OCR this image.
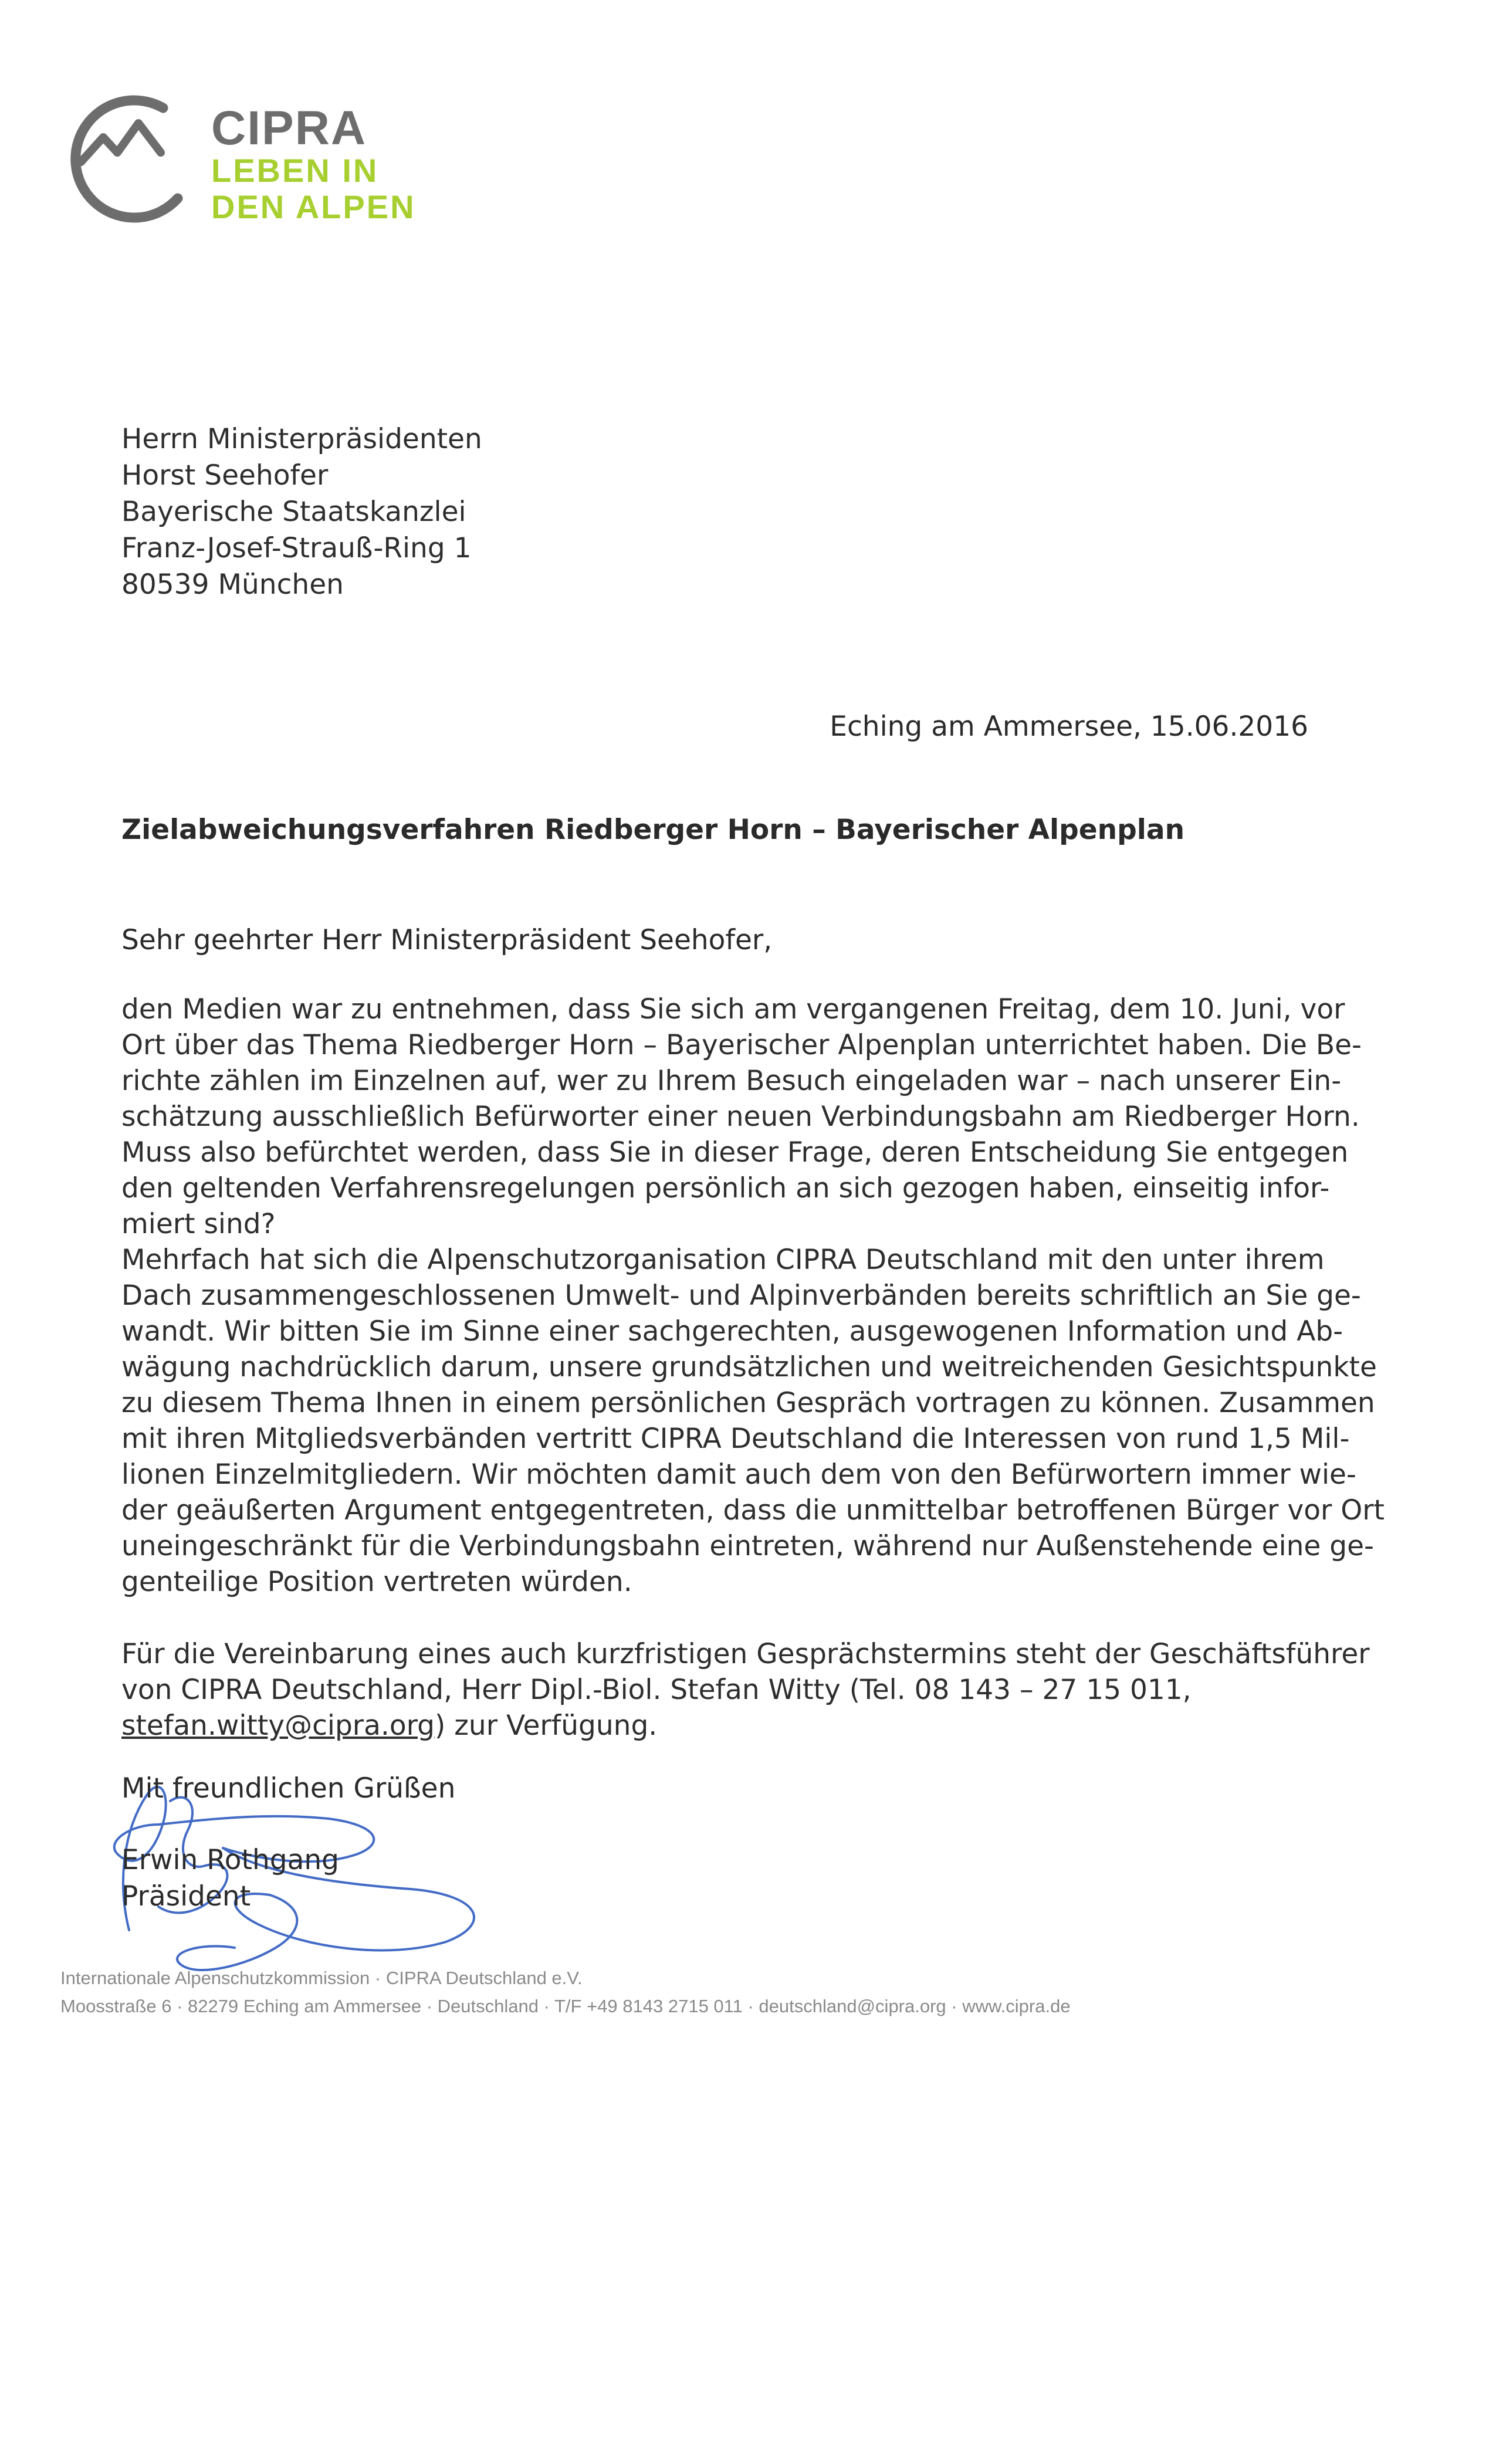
CIPRA
LEBEN IN
DEN ALPEN
Herrn Ministerpräsidenten
Horst Seehofer
Bayerische Staatskanzlei
Franz-Josef-Strauß-Ring 1
80539 München
Eching am Ammersee, 15.06.2016
Zielabweichungsverfahren Riedberger Horn – Bayerischer Alpenplan
Sehr geehrter Herr Ministerpräsident Seehofer,
den Medien war zu entnehmen, dass Sie sich am vergangenen Freitag, dem 10. Juni, vor
Ort über das Thema Riedberger Horn – Bayerischer Alpenplan unterrichtet haben. Die Be-
richte zählen im Einzelnen auf, wer zu Ihrem Besuch eingeladen war – nach unserer Ein-
schätzung ausschließlich Befürworter einer neuen Verbindungsbahn am Riedberger Horn.
Muss also befürchtet werden, dass Sie in dieser Frage, deren Entscheidung Sie entgegen
den geltenden Verfahrensregelungen persönlich an sich gezogen haben, einseitig infor-
miert sind?
Mehrfach hat sich die Alpenschutzorganisation CIPRA Deutschland mit den unter ihrem
Dach zusammengeschlossenen Umwelt- und Alpinverbänden bereits schriftlich an Sie ge-
wandt. Wir bitten Sie im Sinne einer sachgerechten, ausgewogenen Information und Ab-
wägung nachdrücklich darum, unsere grundsätzlichen und weitreichenden Gesichtspunkte
zu diesem Thema Ihnen in einem persönlichen Gespräch vortragen zu können. Zusammen
mit ihren Mitgliedsverbänden vertritt CIPRA Deutschland die Interessen von rund 1,5 Mil-
lionen Einzelmitgliedern. Wir möchten damit auch dem von den Befürwortern immer wie-
der geäußerten Argument entgegentreten, dass die unmittelbar betroffenen Bürger vor Ort
uneingeschränkt für die Verbindungsbahn eintreten, während nur Außenstehende eine ge-
genteilige Position vertreten würden.
Für die Vereinbarung eines auch kurzfristigen Gesprächstermins steht der Geschäftsführer
von CIPRA Deutschland, Herr Dipl.-Biol. Stefan Witty (Tel. 08 143 – 27 15 011,
stefan.witty@cipra.org) zur Verfügung.
Mit freundlichen Grüßen
Erwin Rothgang
Präsident
Internationale Alpenschutzkommission · CIPRA Deutschland e.V.
Moosstraße 6 · 82279 Eching am Ammersee · Deutschland · T/F +49 8143 2715 011 · deutschland@cipra.org · www.cipra.de
